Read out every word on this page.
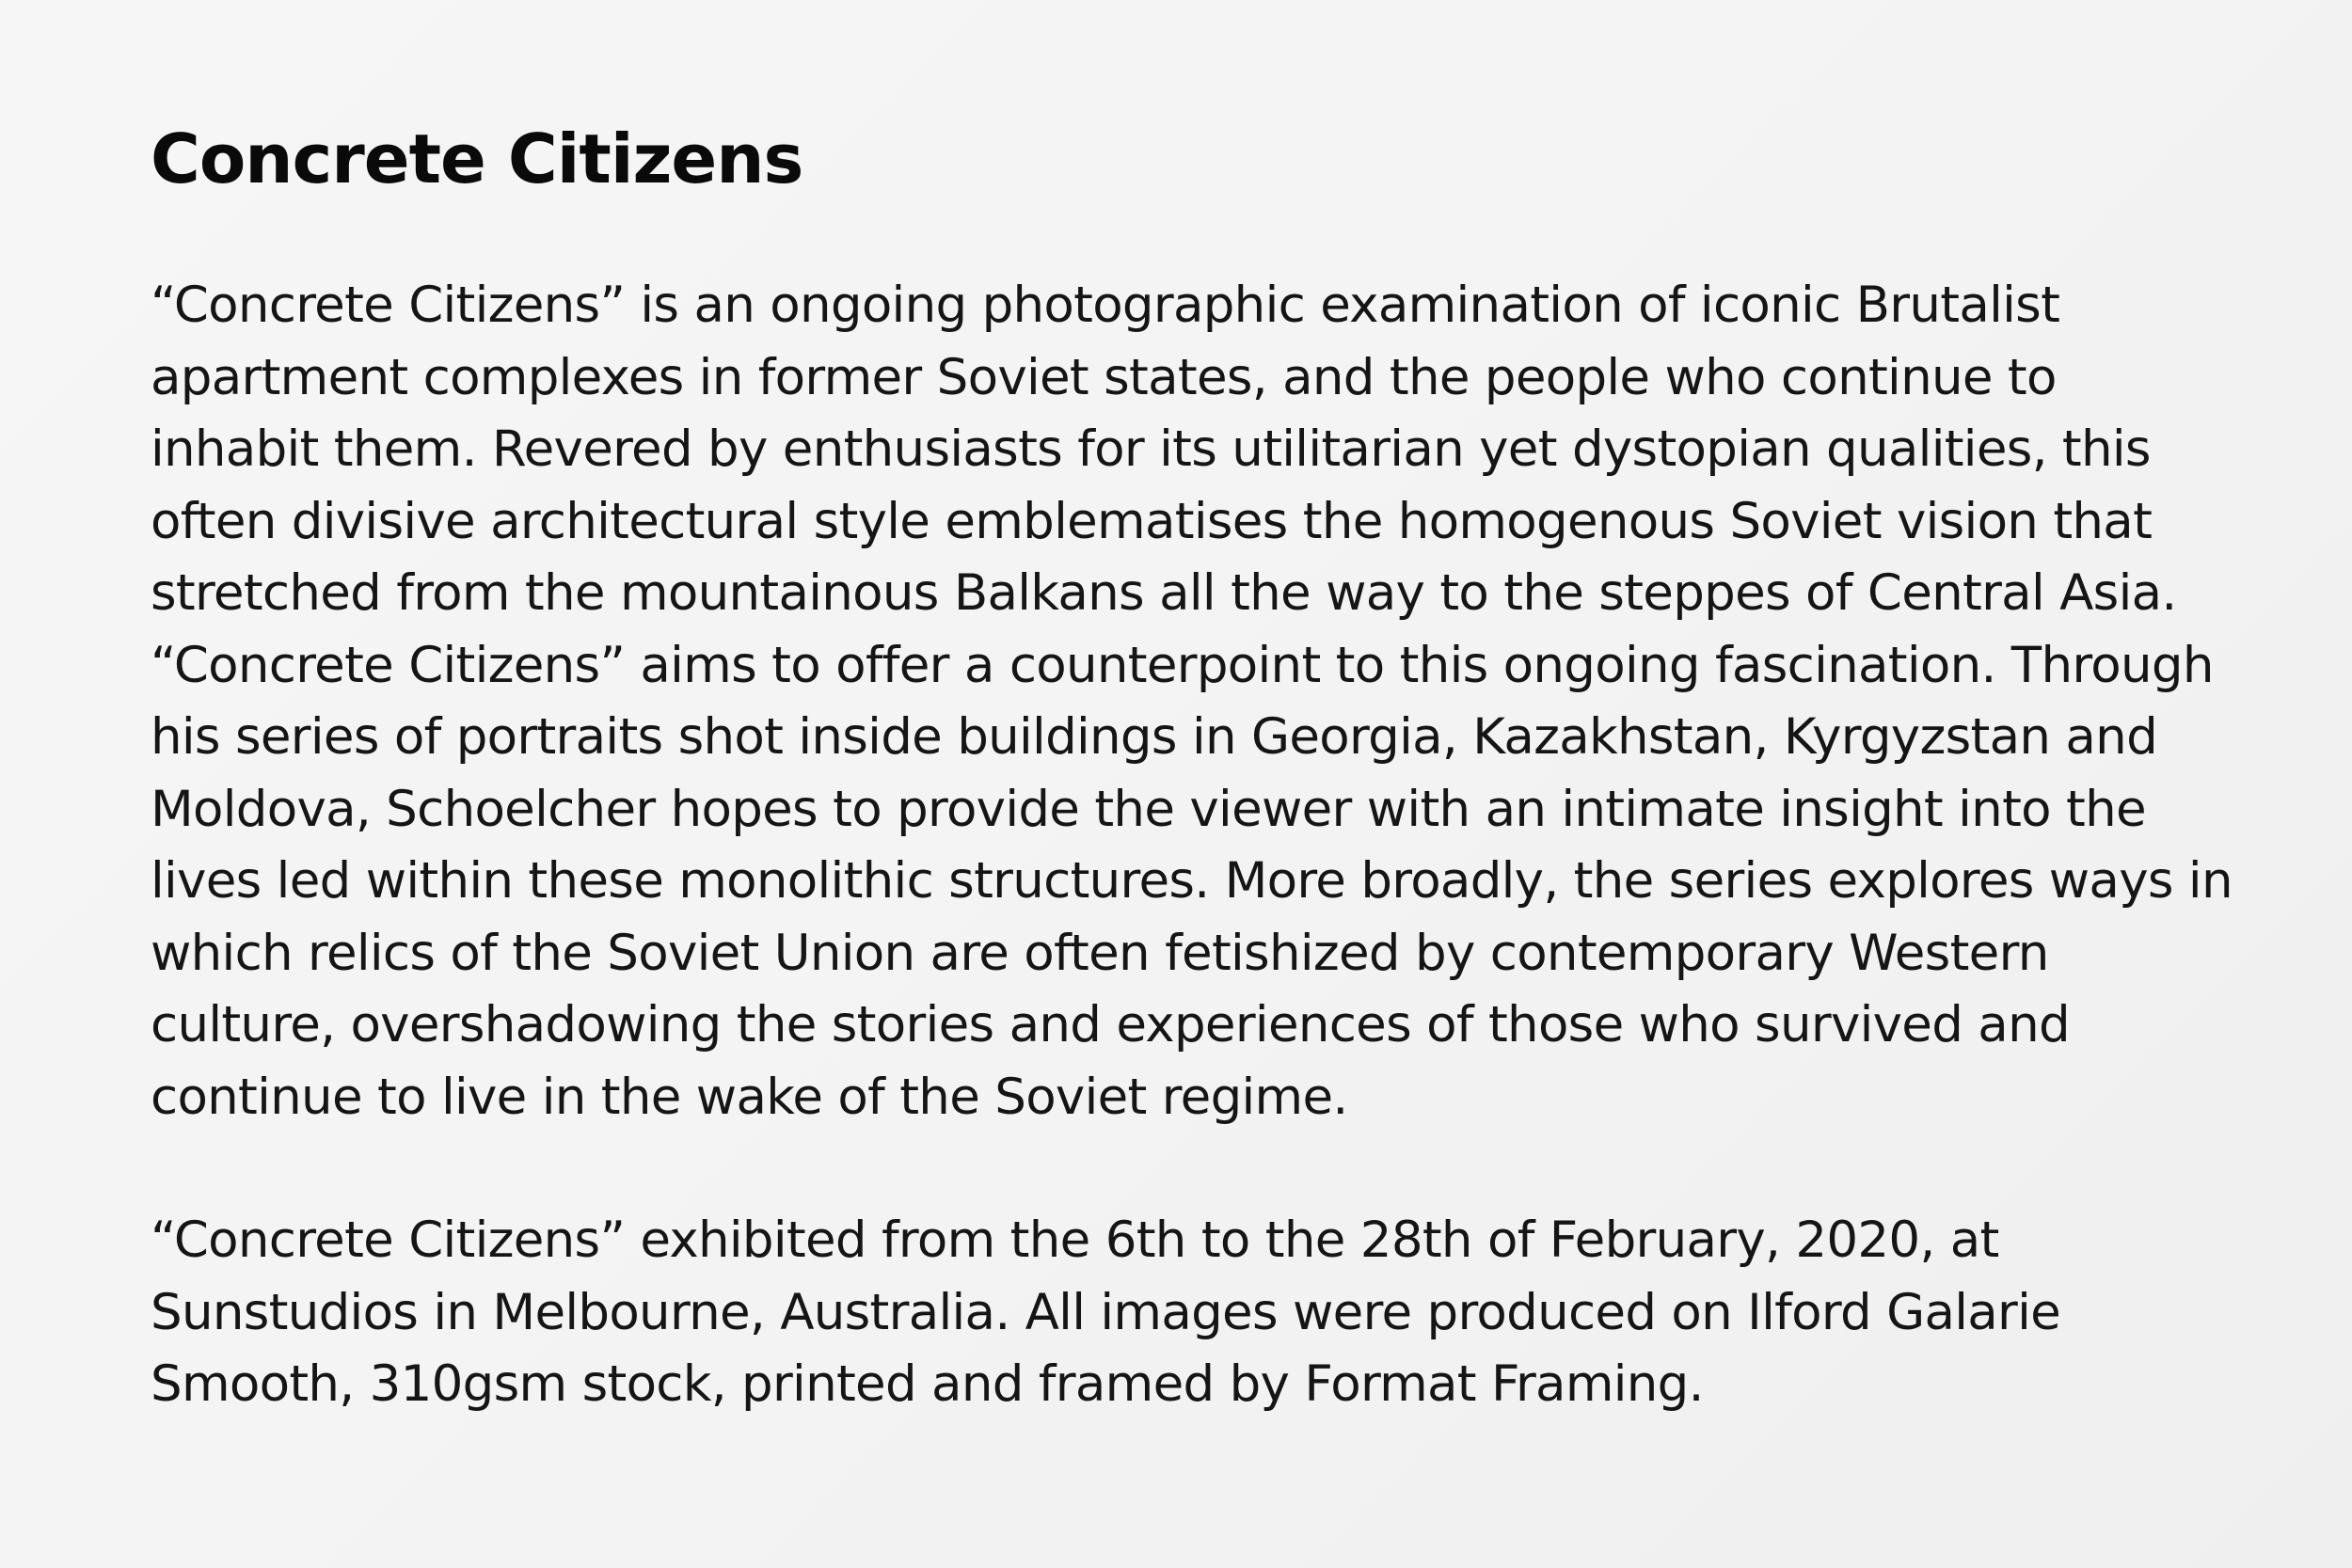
Concrete Citizens

“Concrete Citizens” is an ongoing photographic examination of iconic Brutalist
apartment complexes in former Soviet states, and the people who continue to
inhabit them. Revered by enthusiasts for its utilitarian yet dystopian qualities, this
often divisive architectural style emblematises the homogenous Soviet vision that
stretched from the mountainous Balkans all the way to the steppes of Central Asia.
“Concrete Citizens” aims to offer a counterpoint to this ongoing fascination. Through
his series of portraits shot inside buildings in Georgia, Kazakhstan, Kyrgyzstan and
Moldova, Schoelcher hopes to provide the viewer with an intimate insight into the
lives led within these monolithic structures. More broadly, the series explores ways in
which relics of the Soviet Union are often fetishized by contemporary Western
culture, overshadowing the stories and experiences of those who survived and
continue to live in the wake of the Soviet regime.

“Concrete Citizens” exhibited from the 6th to the 28th of February, 2020, at
Sunstudios in Melbourne, Australia. All images were produced on Ilford Galarie
Smooth, 310gsm stock, printed and framed by Format Framing.
